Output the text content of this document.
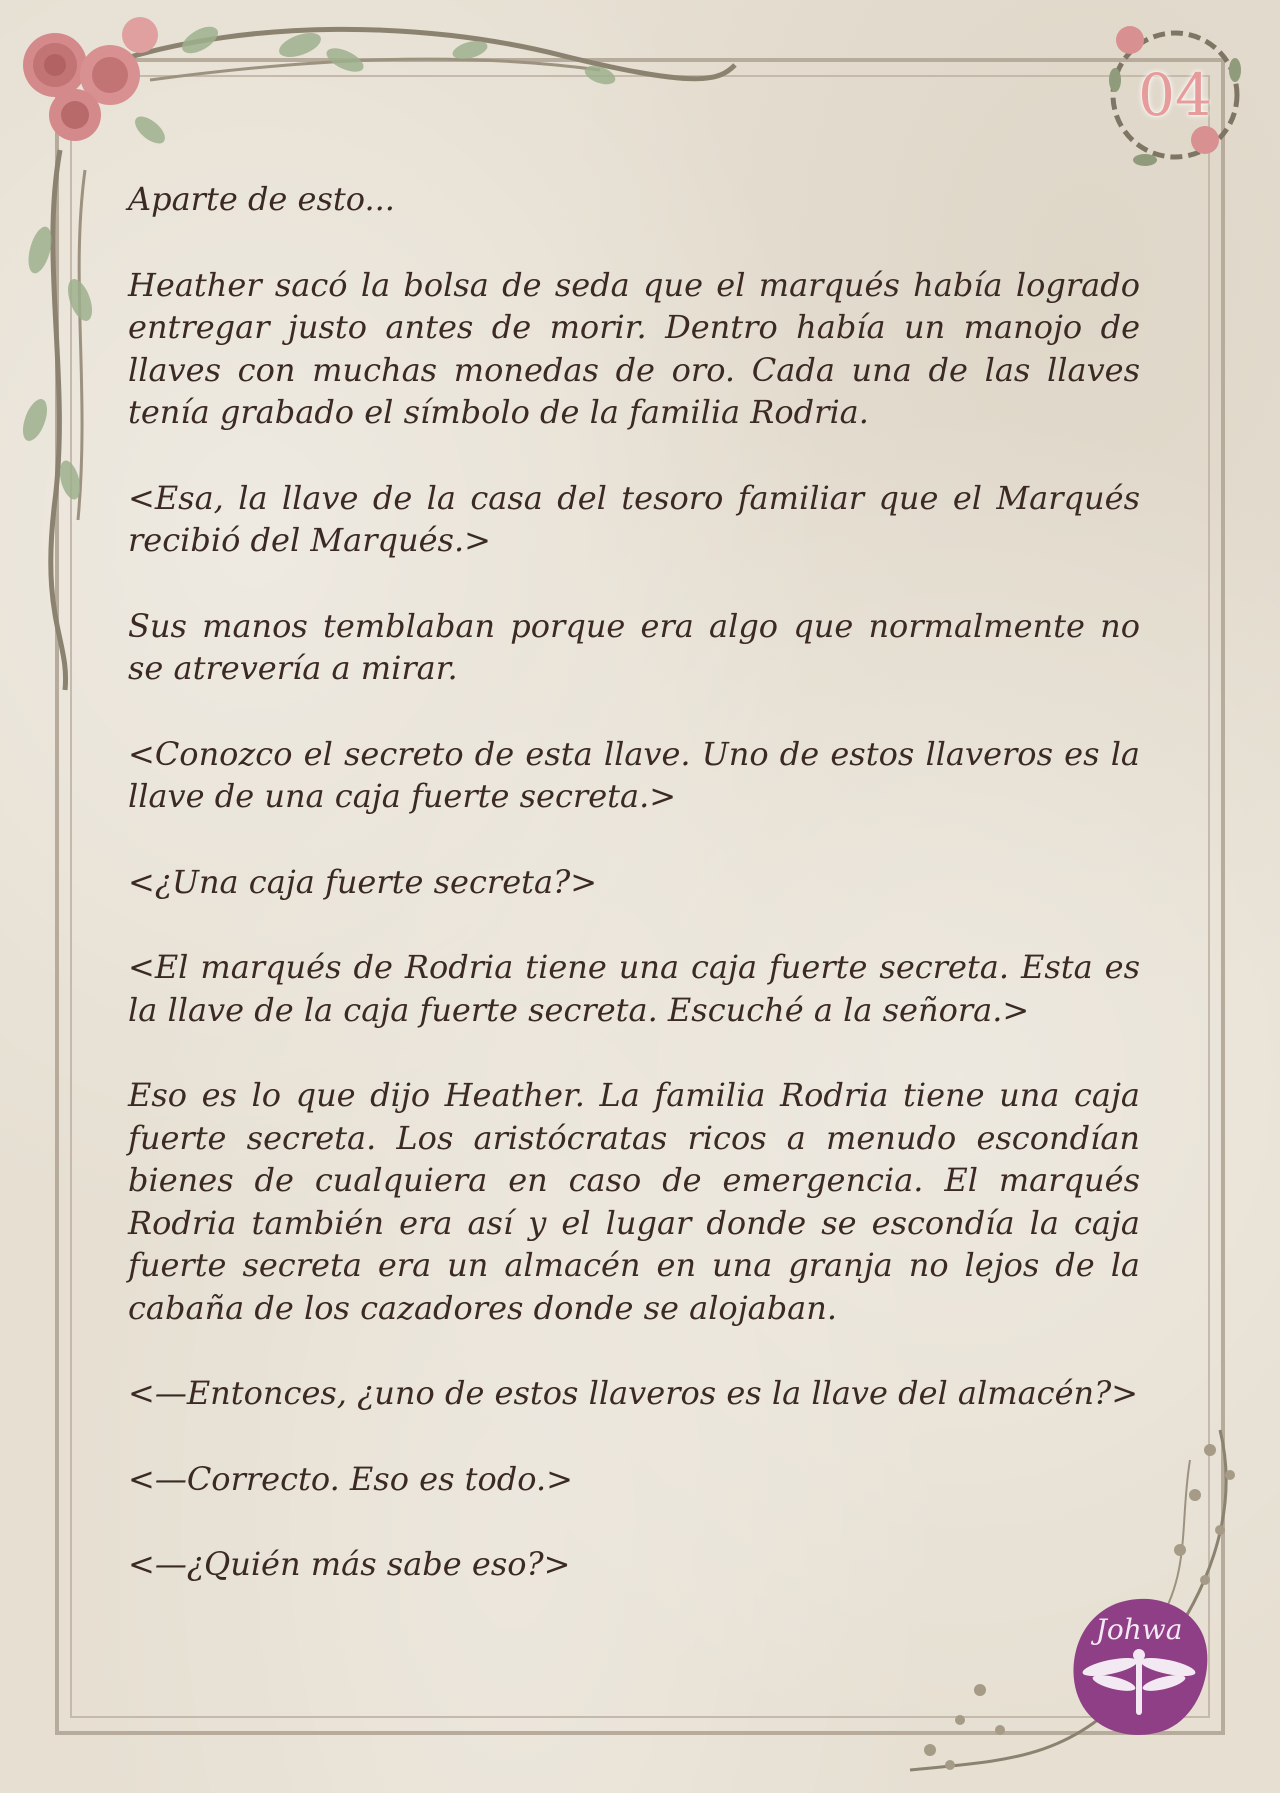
04

Aparte de esto...

Heather sacó la bolsa de seda que el marqués había logrado entregar justo antes de morir. Dentro había un manojo de llaves con muchas monedas de oro. Cada una de las llaves tenía grabado el símbolo de la familia Rodria.

<Esa, la llave de la casa del tesoro familiar que el Marqués recibió del Marqués.>

Sus manos temblaban porque era algo que normalmente no se atrevería a mirar.

<Conozco el secreto de esta llave. Uno de estos llaveros es la llave de una caja fuerte secreta.>

<¿Una caja fuerte secreta?>

<El marqués de Rodria tiene una caja fuerte secreta. Esta es la llave de la caja fuerte secreta. Escuché a la señora.>

Eso es lo que dijo Heather. La familia Rodria tiene una caja fuerte secreta. Los aristócratas ricos a menudo escondían bienes de cualquiera en caso de emergencia. El marqués Rodria también era así y el lugar donde se escondía la caja fuerte secreta era un almacén en una granja no lejos de la cabaña de los cazadores donde se alojaban.

<—Entonces, ¿uno de estos llaveros es la llave del almacén?>

<—Correcto. Eso es todo.>

<—¿Quién más sabe eso?>

Johwa
